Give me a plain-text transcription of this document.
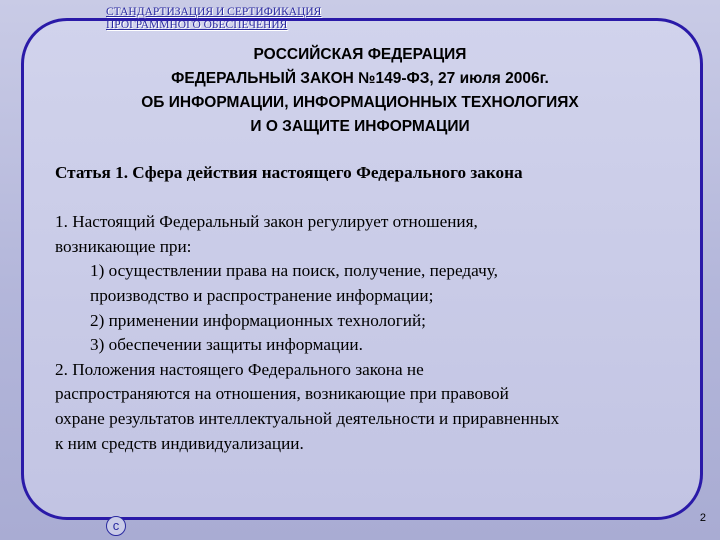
СТАНДАРТИЗАЦИЯ И СЕРТИФИКАЦИЯ
ПРОГРАММНОГО ОБЕСПЕЧЕНИЯ
РОССИЙСКАЯ ФЕДЕРАЦИЯ
ФЕДЕРАЛЬНЫЙ ЗАКОН №149-ФЗ, 27 июля 2006г.
ОБ ИНФОРМАЦИИ, ИНФОРМАЦИОННЫХ ТЕХНОЛОГИЯХ
И О ЗАЩИТЕ ИНФОРМАЦИИ
Статья 1. Сфера действия настоящего Федерального закона
1. Настоящий Федеральный закон регулирует отношения,
возникающие при:
1) осуществлении права на поиск, получение, передачу,
производство и распространение информации;
2) применении информационных технологий;
3) обеспечении защиты информации.
2. Положения настоящего Федерального закона не
распространяются на отношения, возникающие при правовой
охране результатов интеллектуальной деятельности и приравненных
к ним средств индивидуализации.
c	2
